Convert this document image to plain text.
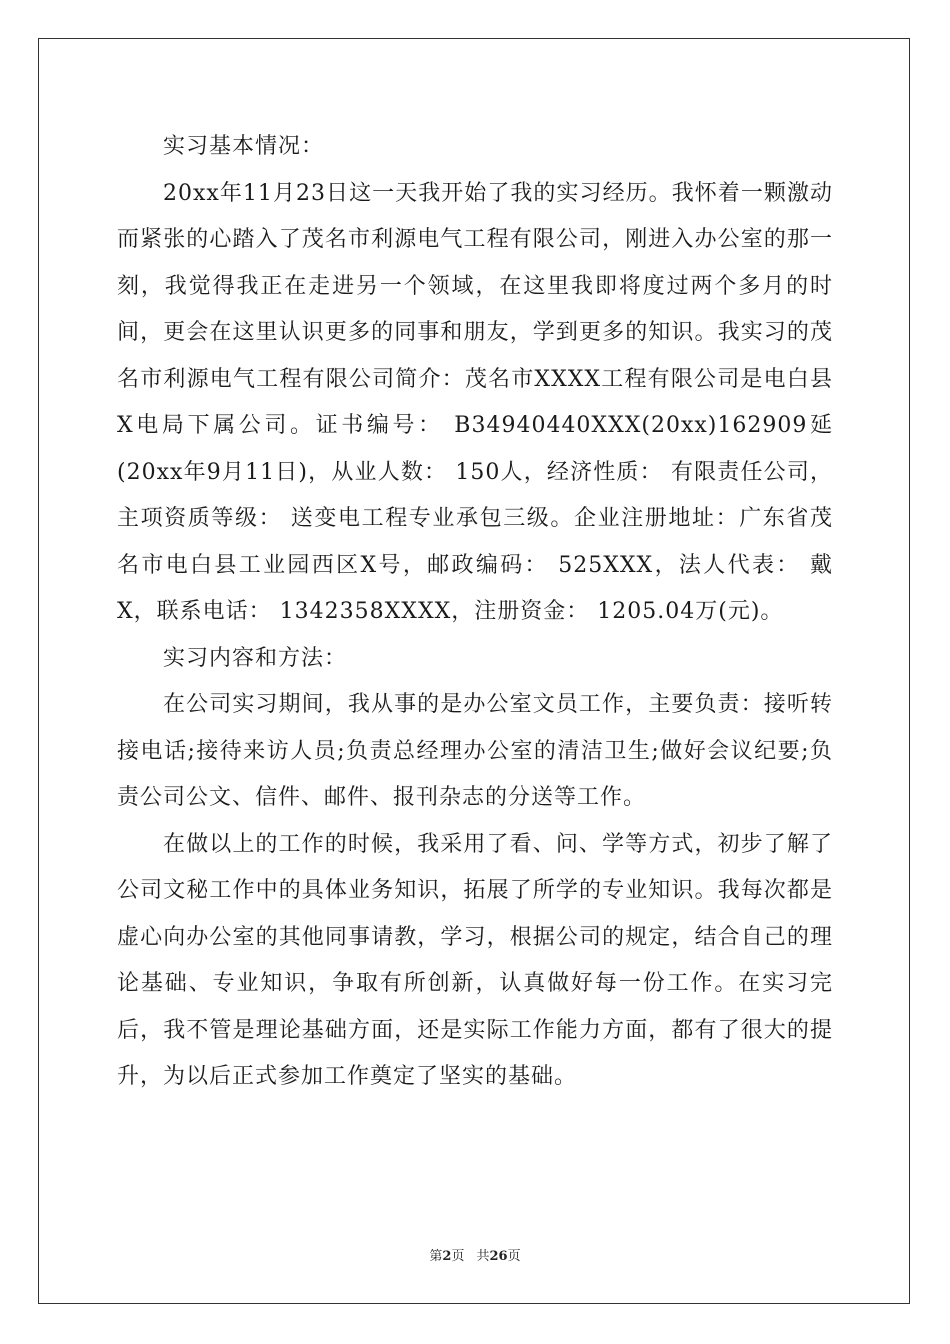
实习基本情况：

20xx年11月23日这一天我开始了我的实习经历。我怀着一颗激动而紧张的心踏入了茂名市利源电气工程有限公司，刚进入办公室的那一刻，我觉得我正在走进另一个领域，在这里我即将度过两个多月的时间，更会在这里认识更多的同事和朋友，学到更多的知识。我实习的茂名市利源电气工程有限公司简介：茂名市XXXX工程有限公司是电白县X电局下属公司。证书编号： B34940440XXX(20xx)162909延(20xx年9月11日)，从业人数： 150人，经济性质： 有限责任公司，主项资质等级： 送变电工程专业承包三级。企业注册地址：广东省茂名市电白县工业园西区X号，邮政编码： 525XXX，法人代表： 戴X，联系电话： 1342358XXXX，注册资金： 1205.04万(元)。

实习内容和方法：

在公司实习期间，我从事的是办公室文员工作，主要负责：接听转接电话;接待来访人员;负责总经理办公室的清洁卫生;做好会议纪要;负责公司公文、信件、邮件、报刊杂志的分送等工作。

在做以上的工作的时候，我采用了看、问、学等方式，初步了解了公司文秘工作中的具体业务知识，拓展了所学的专业知识。我每次都是虚心向办公室的其他同事请教，学习，根据公司的规定，结合自己的理论基础、专业知识，争取有所创新，认真做好每一份工作。在实习完后，我不管是理论基础方面，还是实际工作能力方面，都有了很大的提升，为以后正式参加工作奠定了坚实的基础。

第2页 共26页
